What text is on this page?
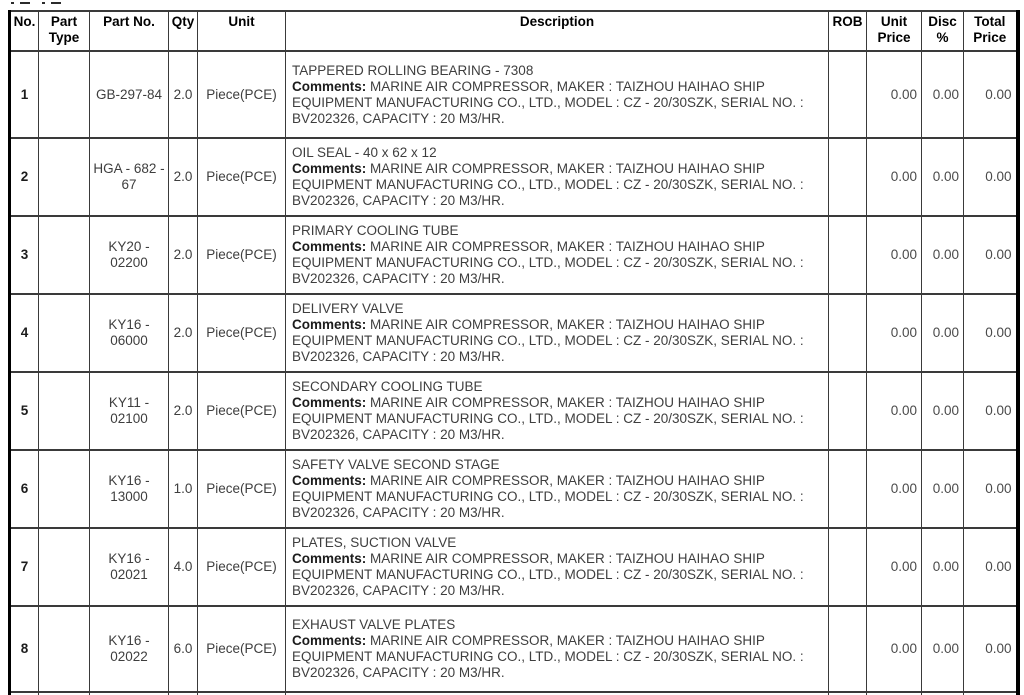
No.	Part Type	Part No.	Qty	Unit	Description	ROB	Unit Price	Disc %	Total Price
1		GB-297-84	2.0	Piece(PCE)	TAPPERED ROLLING BEARING - 7308
Comments: MARINE AIR COMPRESSOR, MAKER : TAIZHOU HAIHAO SHIP EQUIPMENT MANUFACTURING CO., LTD., MODEL : CZ - 20/30SZK, SERIAL NO. : BV202326, CAPACITY : 20 M3/HR.		0.00	0.00	0.00
2		HGA - 682 - 67	2.0	Piece(PCE)	OIL SEAL - 40 x 62 x 12
Comments: MARINE AIR COMPRESSOR, MAKER : TAIZHOU HAIHAO SHIP EQUIPMENT MANUFACTURING CO., LTD., MODEL : CZ - 20/30SZK, SERIAL NO. : BV202326, CAPACITY : 20 M3/HR.		0.00	0.00	0.00
3		KY20 - 02200	2.0	Piece(PCE)	PRIMARY COOLING TUBE
Comments: MARINE AIR COMPRESSOR, MAKER : TAIZHOU HAIHAO SHIP EQUIPMENT MANUFACTURING CO., LTD., MODEL : CZ - 20/30SZK, SERIAL NO. : BV202326, CAPACITY : 20 M3/HR.		0.00	0.00	0.00
4		KY16 - 06000	2.0	Piece(PCE)	DELIVERY VALVE
Comments: MARINE AIR COMPRESSOR, MAKER : TAIZHOU HAIHAO SHIP EQUIPMENT MANUFACTURING CO., LTD., MODEL : CZ - 20/30SZK, SERIAL NO. : BV202326, CAPACITY : 20 M3/HR.		0.00	0.00	0.00
5		KY11 - 02100	2.0	Piece(PCE)	SECONDARY COOLING TUBE
Comments: MARINE AIR COMPRESSOR, MAKER : TAIZHOU HAIHAO SHIP EQUIPMENT MANUFACTURING CO., LTD., MODEL : CZ - 20/30SZK, SERIAL NO. : BV202326, CAPACITY : 20 M3/HR.		0.00	0.00	0.00
6		KY16 - 13000	1.0	Piece(PCE)	SAFETY VALVE SECOND STAGE
Comments: MARINE AIR COMPRESSOR, MAKER : TAIZHOU HAIHAO SHIP EQUIPMENT MANUFACTURING CO., LTD., MODEL : CZ - 20/30SZK, SERIAL NO. : BV202326, CAPACITY : 20 M3/HR.		0.00	0.00	0.00
7		KY16 - 02021	4.0	Piece(PCE)	PLATES, SUCTION VALVE
Comments: MARINE AIR COMPRESSOR, MAKER : TAIZHOU HAIHAO SHIP EQUIPMENT MANUFACTURING CO., LTD., MODEL : CZ - 20/30SZK, SERIAL NO. : BV202326, CAPACITY : 20 M3/HR.		0.00	0.00	0.00
8		KY16 - 02022	6.0	Piece(PCE)	EXHAUST VALVE PLATES
Comments: MARINE AIR COMPRESSOR, MAKER : TAIZHOU HAIHAO SHIP EQUIPMENT MANUFACTURING CO., LTD., MODEL : CZ - 20/30SZK, SERIAL NO. : BV202326, CAPACITY : 20 M3/HR.		0.00	0.00	0.00
